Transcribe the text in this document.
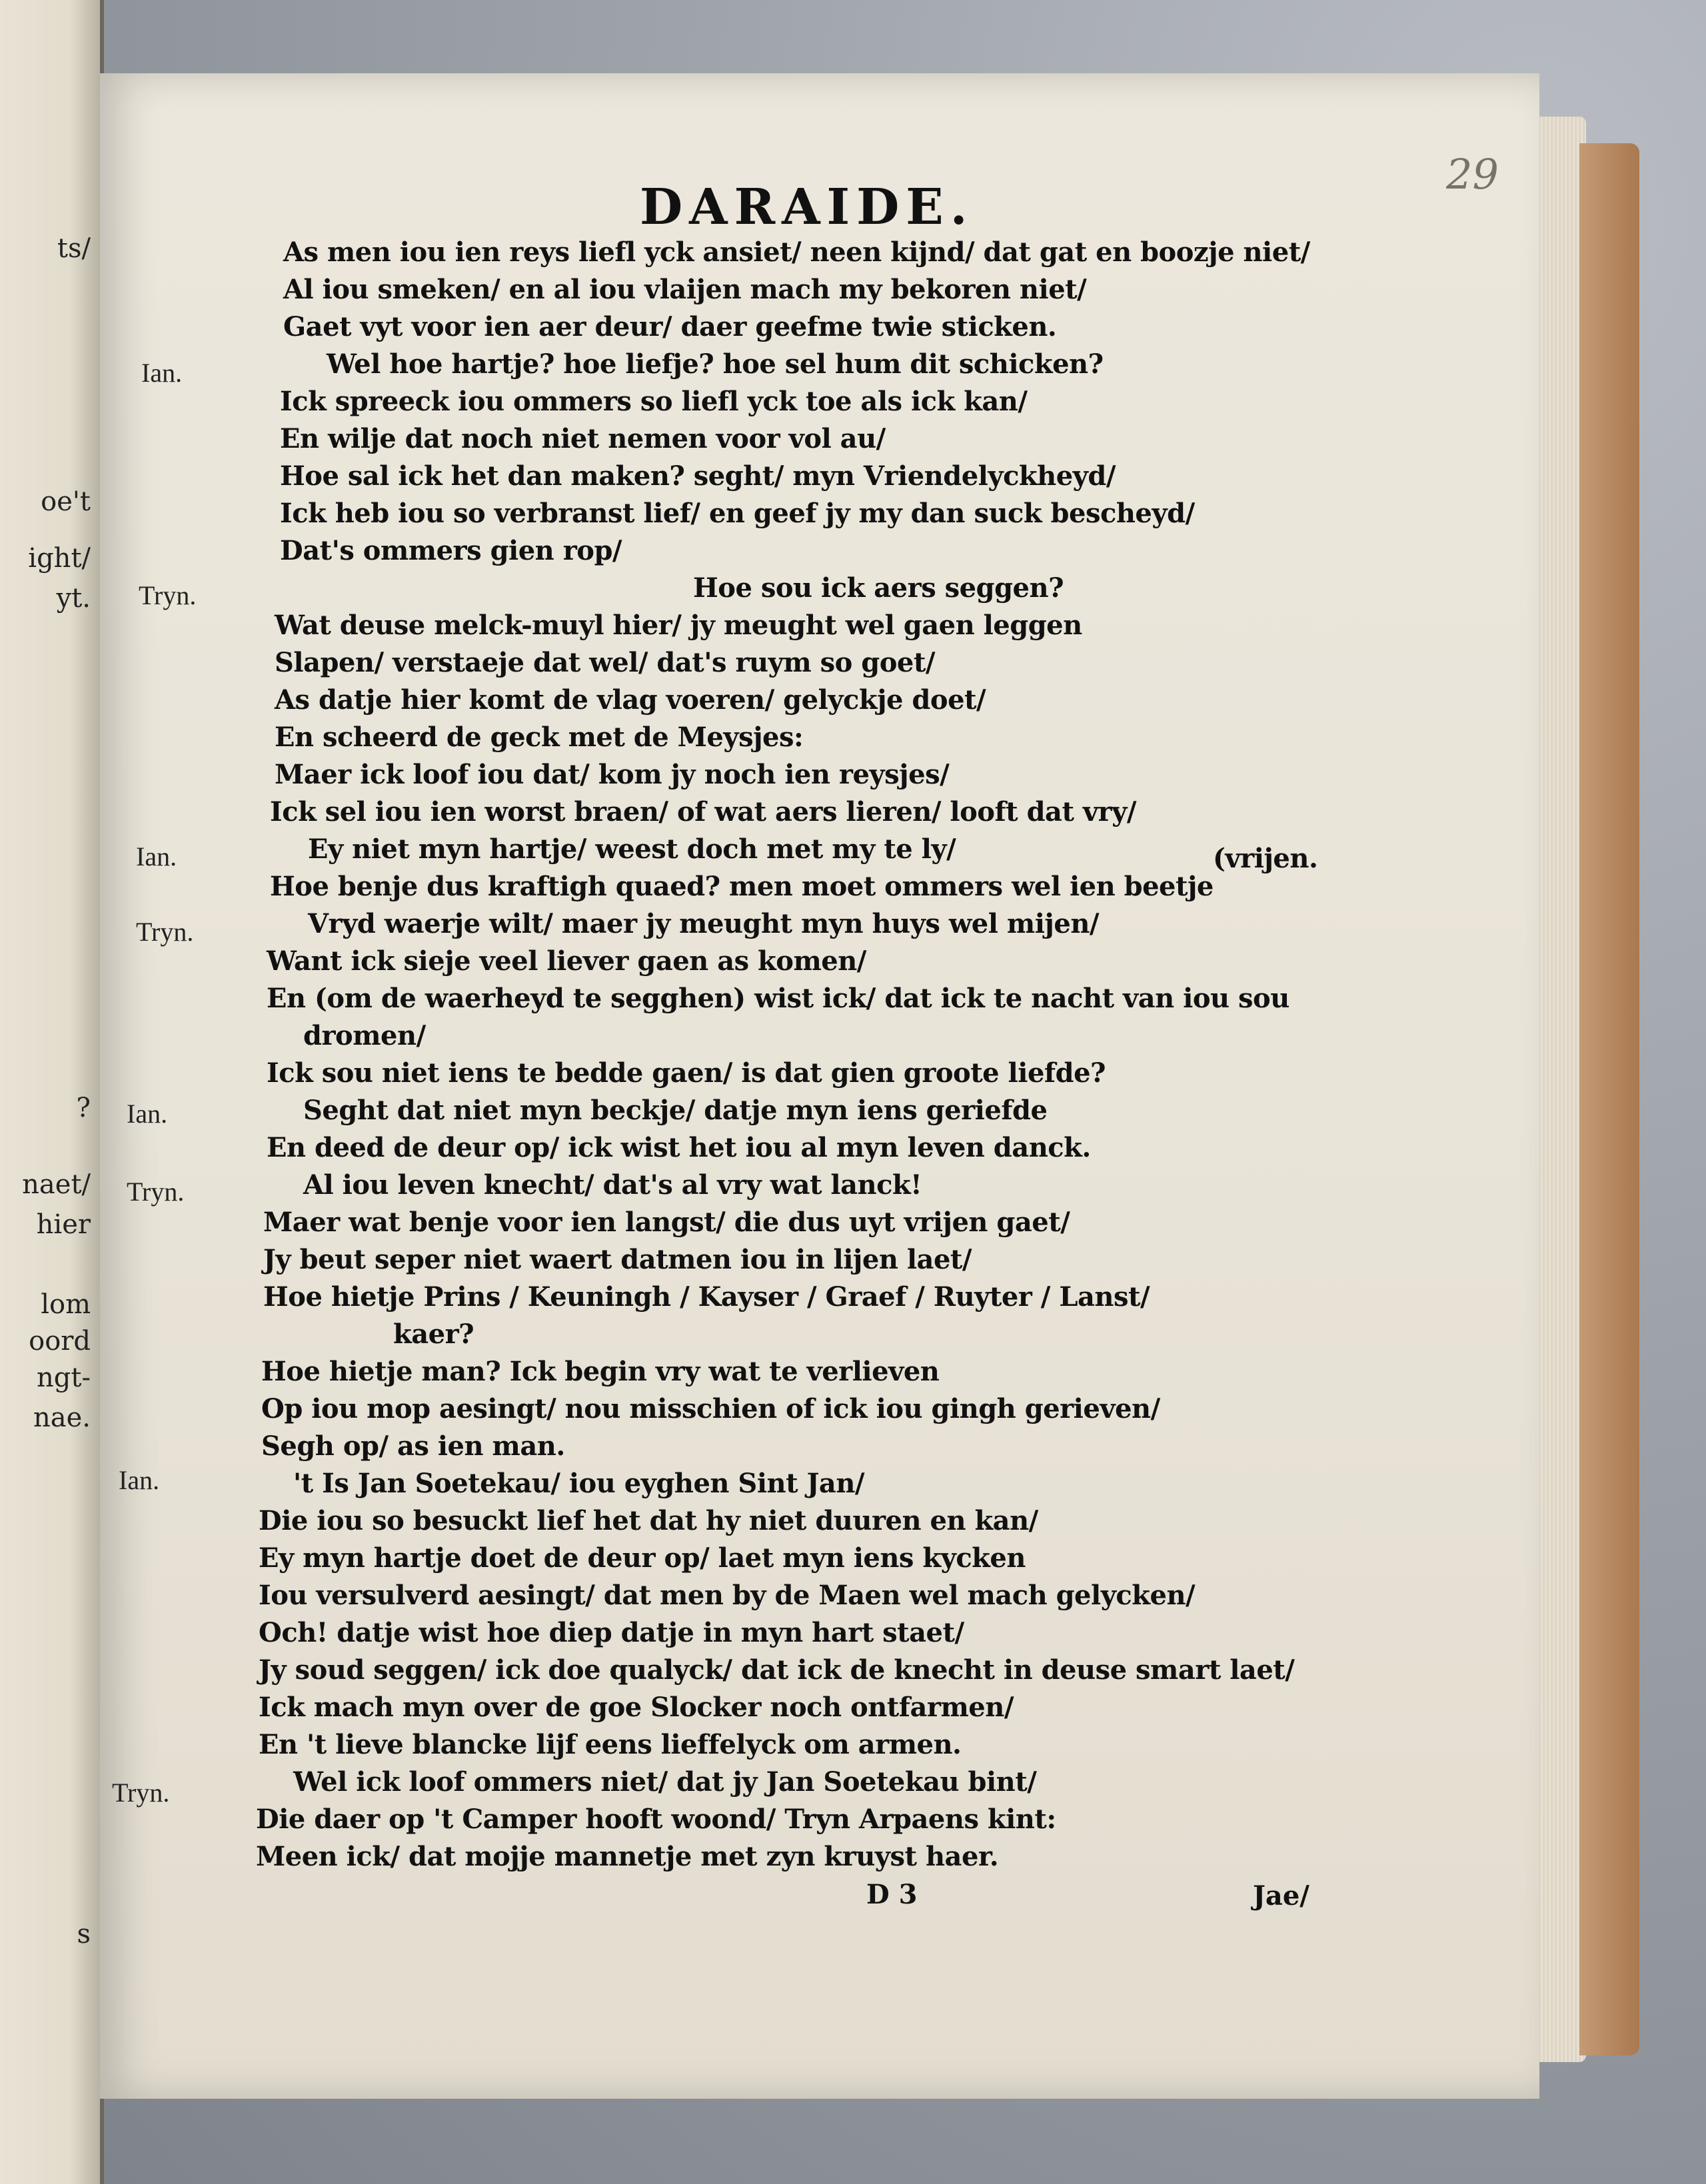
ts/
oe't
ight/
yt.
?
naet/
hier
lom
oord
ngt-
nae.
s
29
DARAIDE.
Ian.
Tryn.
Ian.
Tryn.
Ian.
Tryn.
Ian.
Tryn.
As men iou ien reys liefl yck ansiet/ neen kijnd/ dat gat en boozje niet/
Al iou smeken/ en al iou vlaijen mach my bekoren niet/
Gaet vyt voor ien aer deur/ daer geefme twie sticken.
Wel hoe hartje? hoe liefje? hoe sel hum dit schicken?
Ick spreeck iou ommers so liefl yck toe als ick kan/
En wilje dat noch niet nemen voor vol au/
Hoe sal ick het dan maken? seght/ myn Vriendelyckheyd/
Ick heb iou so verbranst lief/ en geef jy my dan suck bescheyd/
Dat's ommers gien rop/
Hoe sou ick aers seggen?
Wat deuse melck-muyl hier/ jy meught wel gaen leggen
Slapen/ verstaeje dat wel/ dat's ruym so goet/
As datje hier komt de vlag voeren/ gelyckje doet/
En scheerd de geck met de Meysjes:
Maer ick loof iou dat/ kom jy noch ien reysjes/
Ick sel iou ien worst braen/ of wat aers lieren/ looft dat vry/
Ey niet myn hartje/ weest doch met my te ly/	(vrijen.
Hoe benje dus kraftigh quaed? men moet ommers wel ien beetje
Vryd waerje wilt/ maer jy meught myn huys wel mijen/
Want ick sieje veel liever gaen as komen/
En (om de waerheyd te segghen) wist ick/ dat ick te nacht van iou sou
dromen/
Ick sou niet iens te bedde gaen/ is dat gien groote liefde?
Seght dat niet myn beckje/ datje myn iens geriefde
En deed de deur op/ ick wist het iou al myn leven danck.
Al iou leven knecht/ dat's al vry wat lanck!
Maer wat benje voor ien langst/ die dus uyt vrijen gaet/
Jy beut seper niet waert datmen iou in lijen laet/
Hoe hietje Prins / Keuningh / Kayser / Graef / Ruyter / Lanst/
kaer?
Hoe hietje man? Ick begin vry wat te verlieven
Op iou mop aesingt/ nou misschien of ick iou gingh gerieven/
Segh op/ as ien man.
't Is Jan Soetekau/ iou eyghen Sint Jan/
Die iou so besuckt lief het dat hy niet duuren en kan/
Ey myn hartje doet de deur op/ laet myn iens kycken
Iou versulverd aesingt/ dat men by de Maen wel mach gelycken/
Och! datje wist hoe diep datje in myn hart staet/
Jy soud seggen/ ick doe qualyck/ dat ick de knecht in deuse smart laet/
Ick mach myn over de goe Slocker noch ontfarmen/
En 't lieve blancke lijf eens lieffelyck om armen.
Wel ick loof ommers niet/ dat jy Jan Soetekau bint/
Die daer op 't Camper hooft woond/ Tryn Arpaens kint:
Meen ick/ dat mojje mannetje met zyn kruyst haer.
D 3	Jae/
